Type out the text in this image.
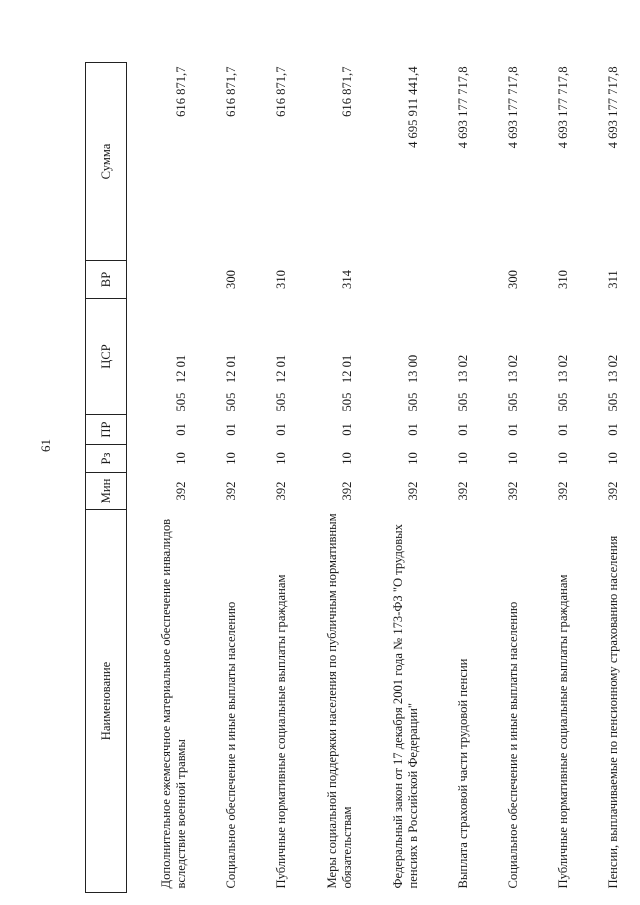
61
Наименование	Мин	Рз	ПР	ЦСР	ВР	Сумма
Дополнительное ежемесячное материальное обеспечение инвалидов вследствие военной травмы	392	10	01	505   12 01		616 871,7
Социальное обеспечение и иные выплаты населению	392	10	01	505   12 01	300	616 871,7
Публичные нормативные социальные выплаты гражданам	392	10	01	505   12 01	310	616 871,7
Меры социальной поддержки населения по публичным нормативным обязательствам	392	10	01	505   12 01	314	616 871,7
Федеральный закон от 17 декабря 2001 года № 173-ФЗ "О трудовых пенсиях в Российской Федерации"	392	10	01	505   13 00		4 695 911 441,4
Выплата страховой части трудовой пенсии	392	10	01	505   13 02		4 693 177 717,8
Социальное обеспечение и иные выплаты населению	392	10	01	505   13 02	300	4 693 177 717,8
Публичные нормативные социальные выплаты гражданам	392	10	01	505   13 02	310	4 693 177 717,8
Пенсии, выплачиваемые по пенсионному страхованию населения	392	10	01	505   13 02	311	4 693 177 717,8
